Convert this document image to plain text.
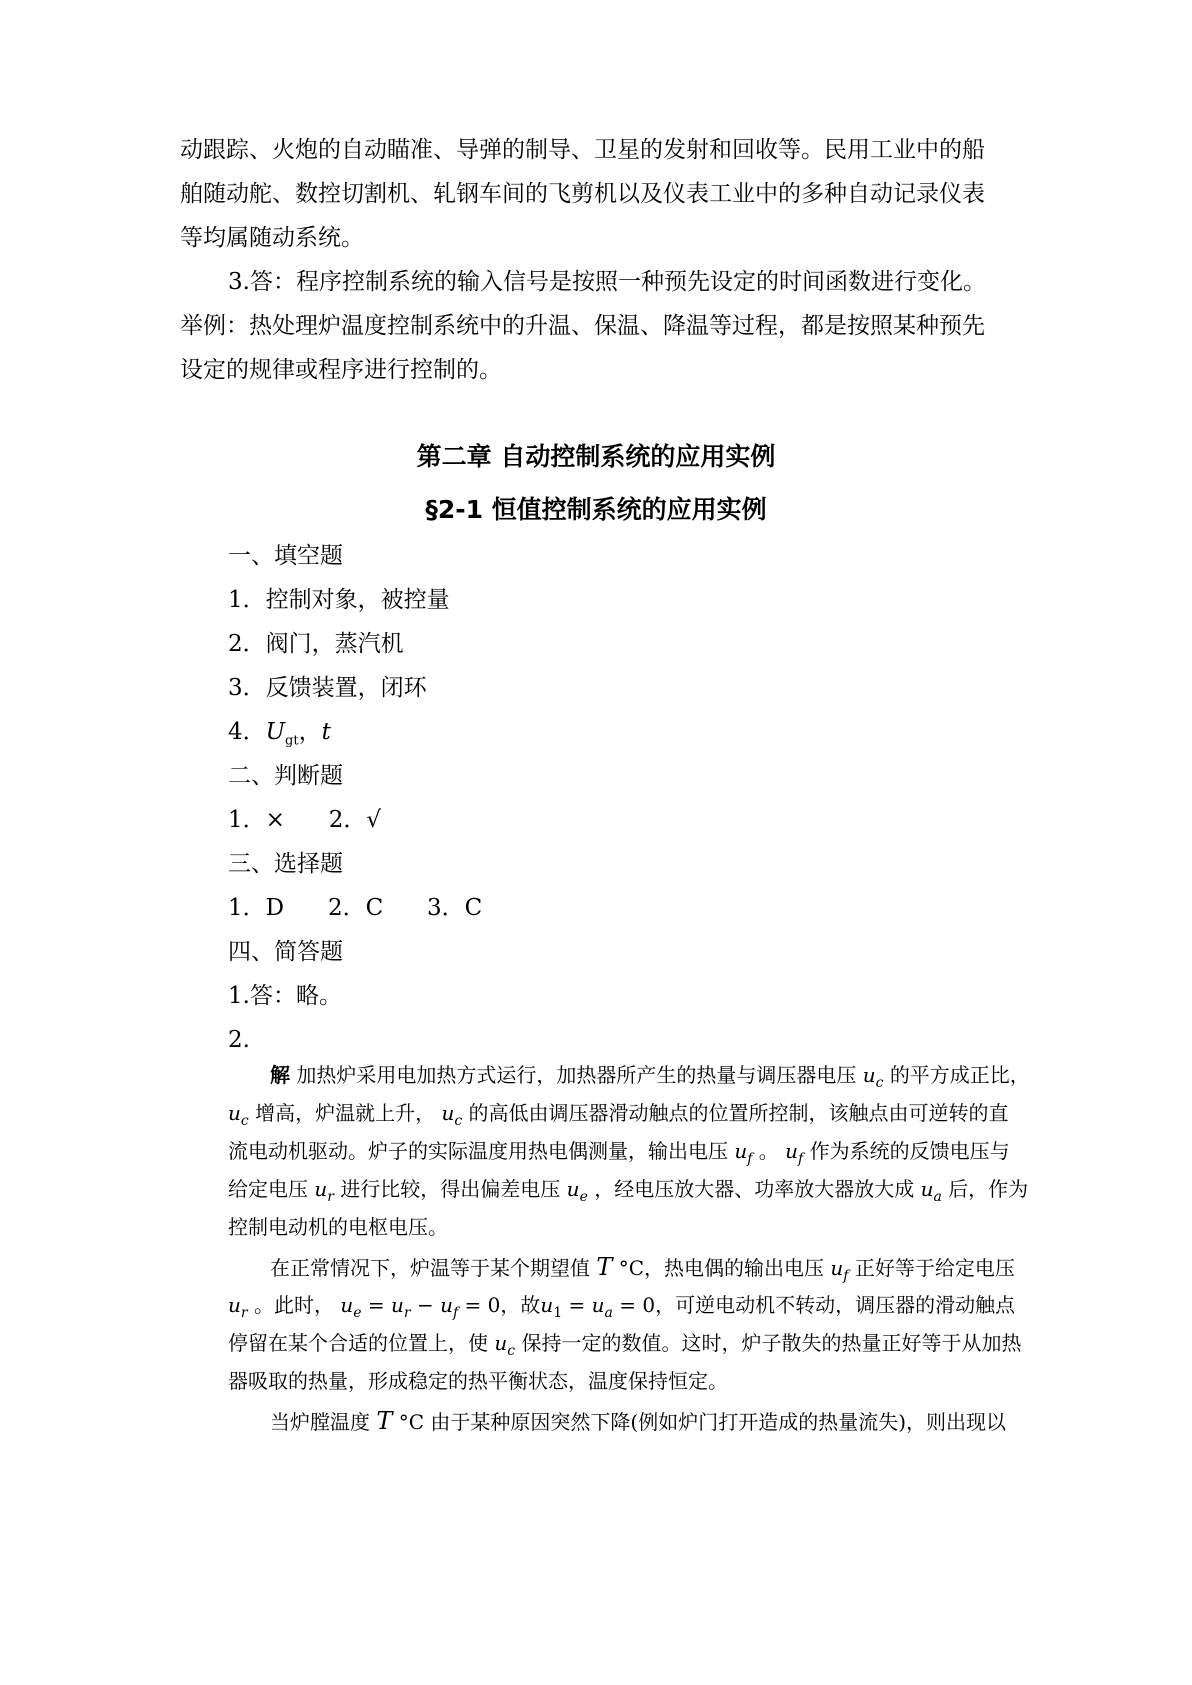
动跟踪、火炮的自动瞄准、导弹的制导、卫星的发射和回收等。民用工业中的船
舶随动舵、数控切割机、轧钢车间的飞剪机以及仪表工业中的多种自动记录仪表
等均属随动系统。
3.答：程序控制系统的输入信号是按照一种预先设定的时间函数进行变化。
举例：热处理炉温度控制系统中的升温、保温、降温等过程，都是按照某种预先
设定的规律或程序进行控制的。
第二章 自动控制系统的应用实例
§2-1 恒值控制系统的应用实例
一、填空题
1．控制对象，被控量
2．阀门，蒸汽机
3．反馈装置，闭环
4．$U_{gt}$，t
二、判断题
1．×      2．√
三、选择题
1．D      2．C      3．C
四、简答题
1.答：略。
2.
解 加热炉采用电加热方式运行，加热器所产生的热量与调压器电压 $u_c$ 的平方成正比，
$u_c$ 增高，炉温就上升， $u_c$ 的高低由调压器滑动触点的位置所控制，该触点由可逆转的直
流电动机驱动。炉子的实际温度用热电偶测量，输出电压 $u_f$ 。 $u_f$ 作为系统的反馈电压与
给定电压 $u_r$ 进行比较，得出偏差电压 $u_e$ ，经电压放大器、功率放大器放大成 $u_a$ 后，作为
控制电动机的电枢电压。
在正常情况下，炉温等于某个期望值 T °C，热电偶的输出电压 $u_f$ 正好等于给定电压
$u_r$ 。此时， $u_e = u_r - u_f = 0$，故$u_1 = u_a = 0$，可逆电动机不转动，调压器的滑动触点
停留在某个合适的位置上，使 $u_c$ 保持一定的数值。这时，炉子散失的热量正好等于从加热
器吸取的热量，形成稳定的热平衡状态，温度保持恒定。
当炉膛温度 T °C 由于某种原因突然下降(例如炉门打开造成的热量流失)，则出现以
